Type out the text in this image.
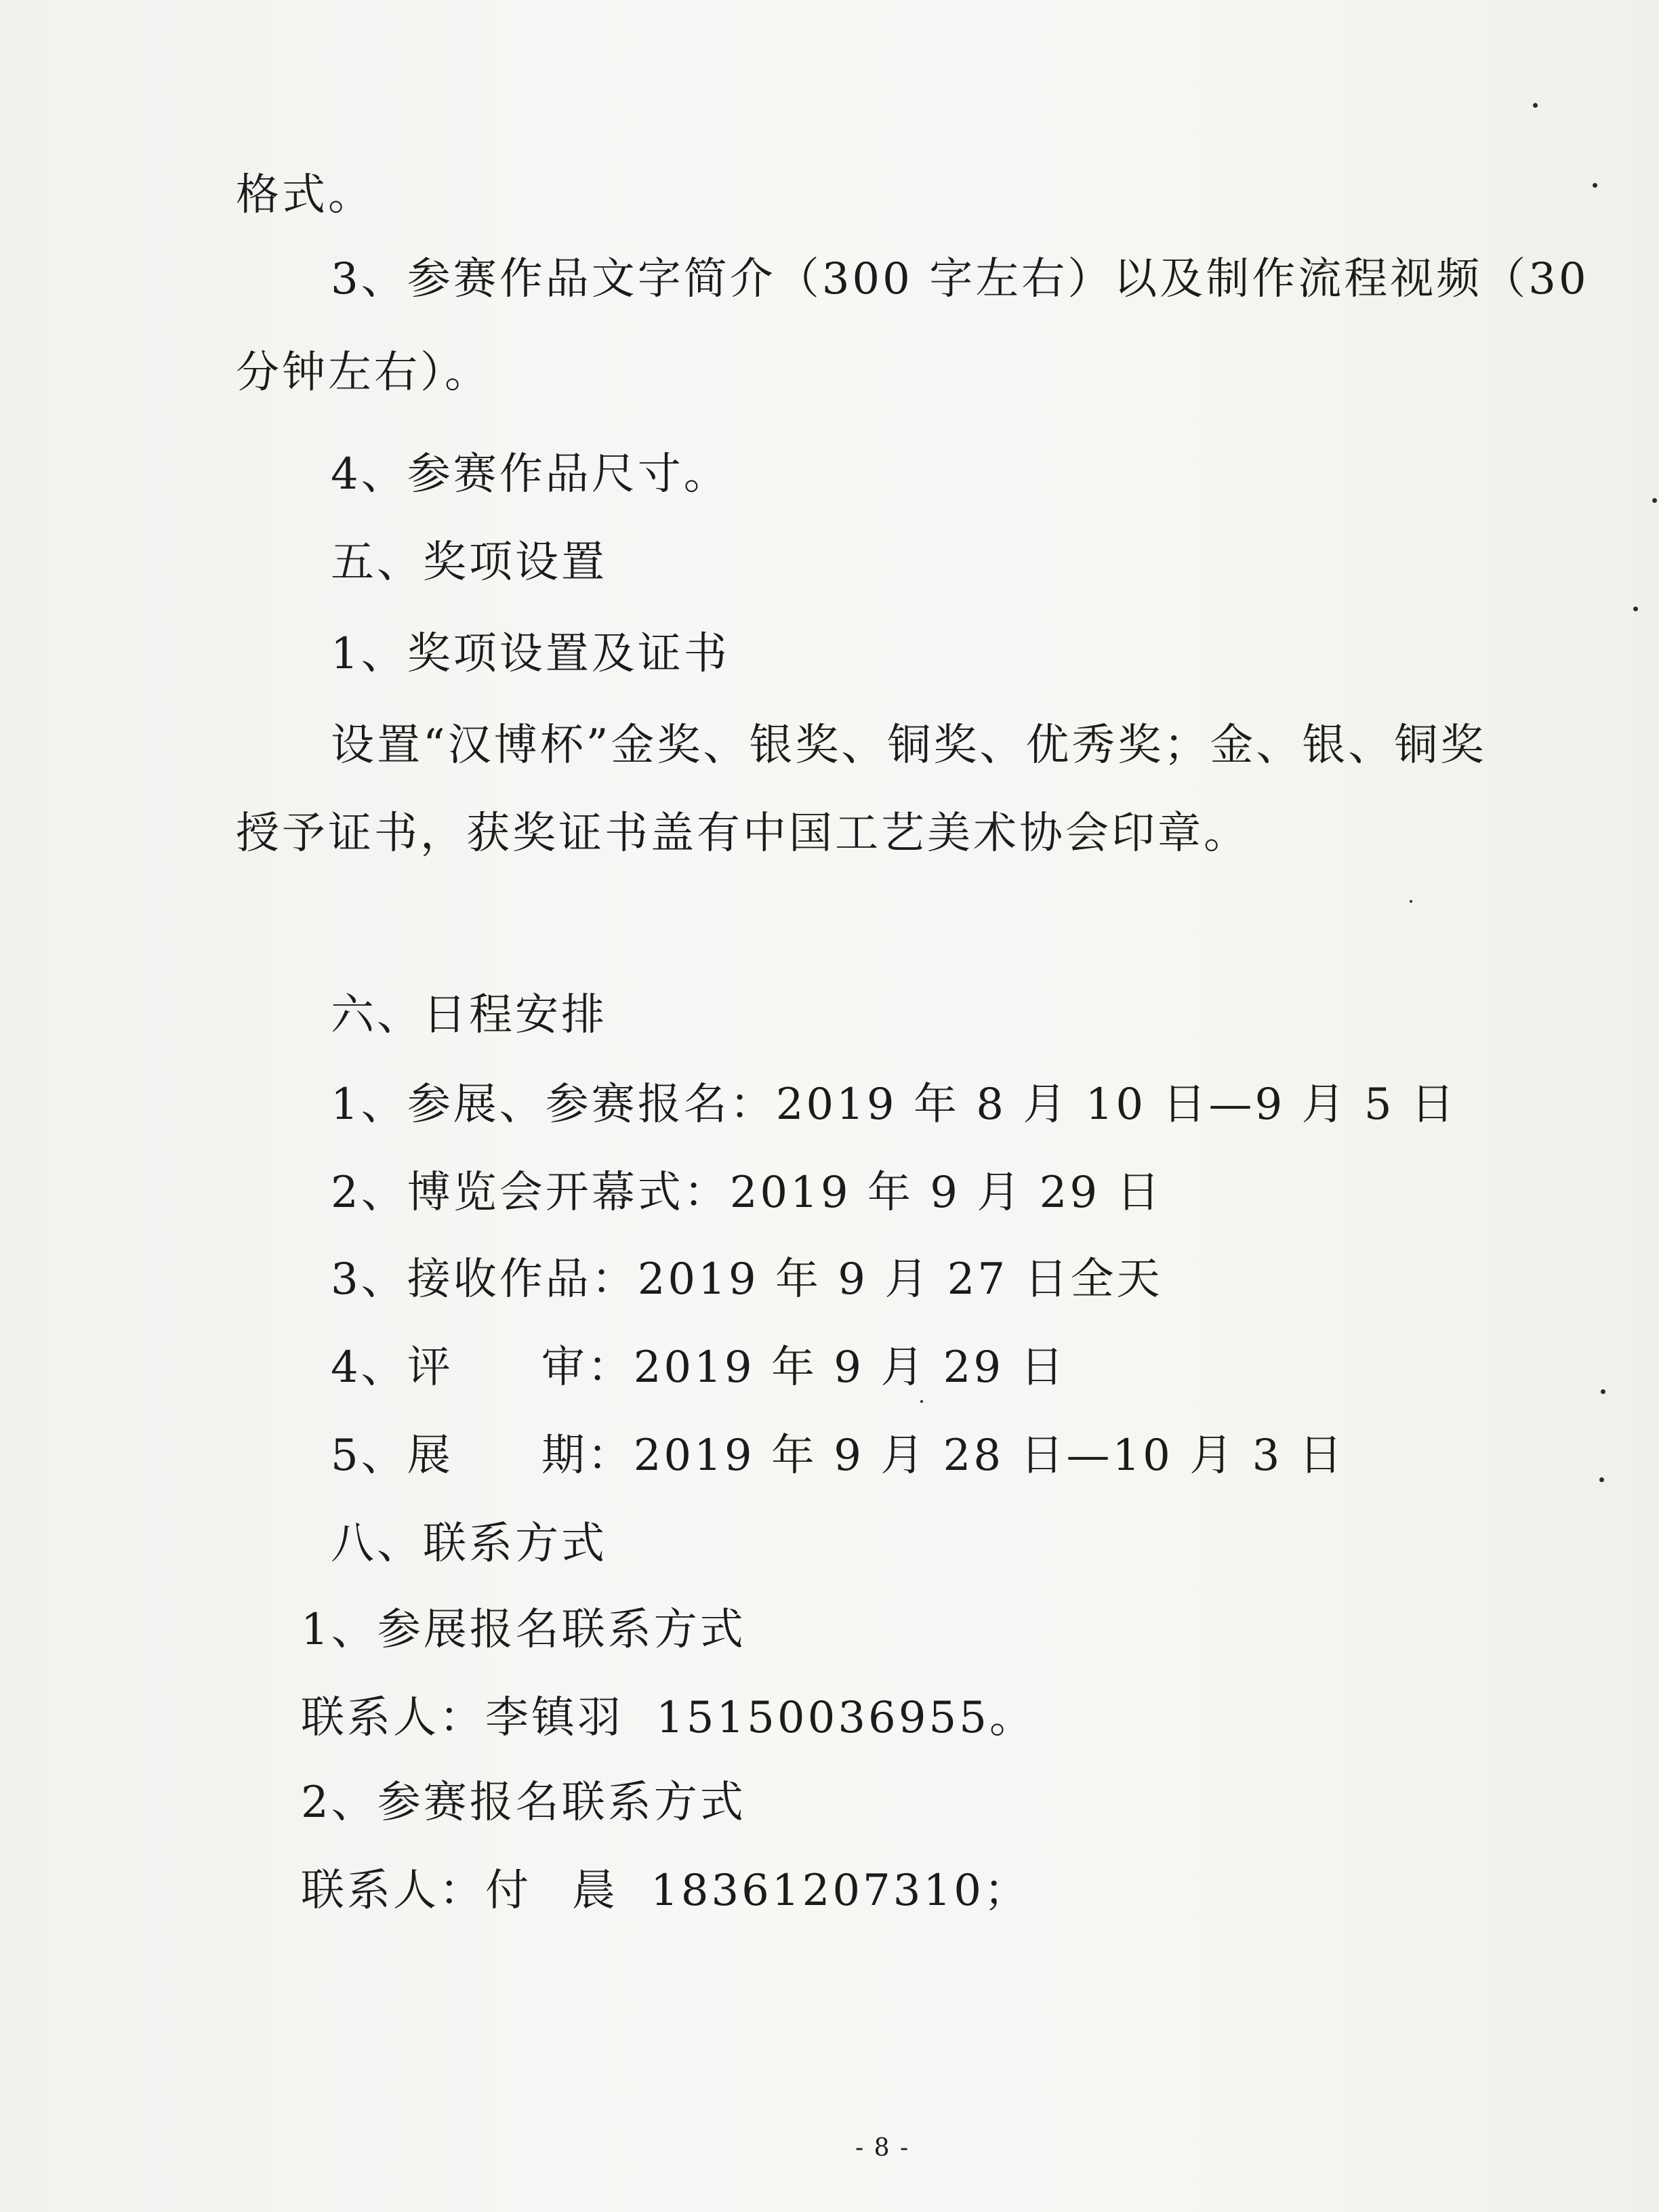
格式。
3、参赛作品文字简介（300 字左右）以及制作流程视频（30
分钟左右）。
4、参赛作品尺寸。
五、奖项设置
1、奖项设置及证书
设置“汉博杯”金奖、银奖、铜奖、优秀奖；金、银、铜奖
授予证书，获奖证书盖有中国工艺美术协会印章。
六、日程安排
1、参展、参赛报名：2019 年 8 月 10 日—9 月 5 日
2、博览会开幕式：2019 年 9 月 29 日
3、接收作品：2019 年 9 月 27 日全天
4、评 审：2019 年 9 月 29 日
5、展 期：2019 年 9 月 28 日—10 月 3 日
八、联系方式
1、参展报名联系方式
联系人：李镇羽 15150036955。
2、参赛报名联系方式
联系人：付 晨 18361207310；
- 8 -
